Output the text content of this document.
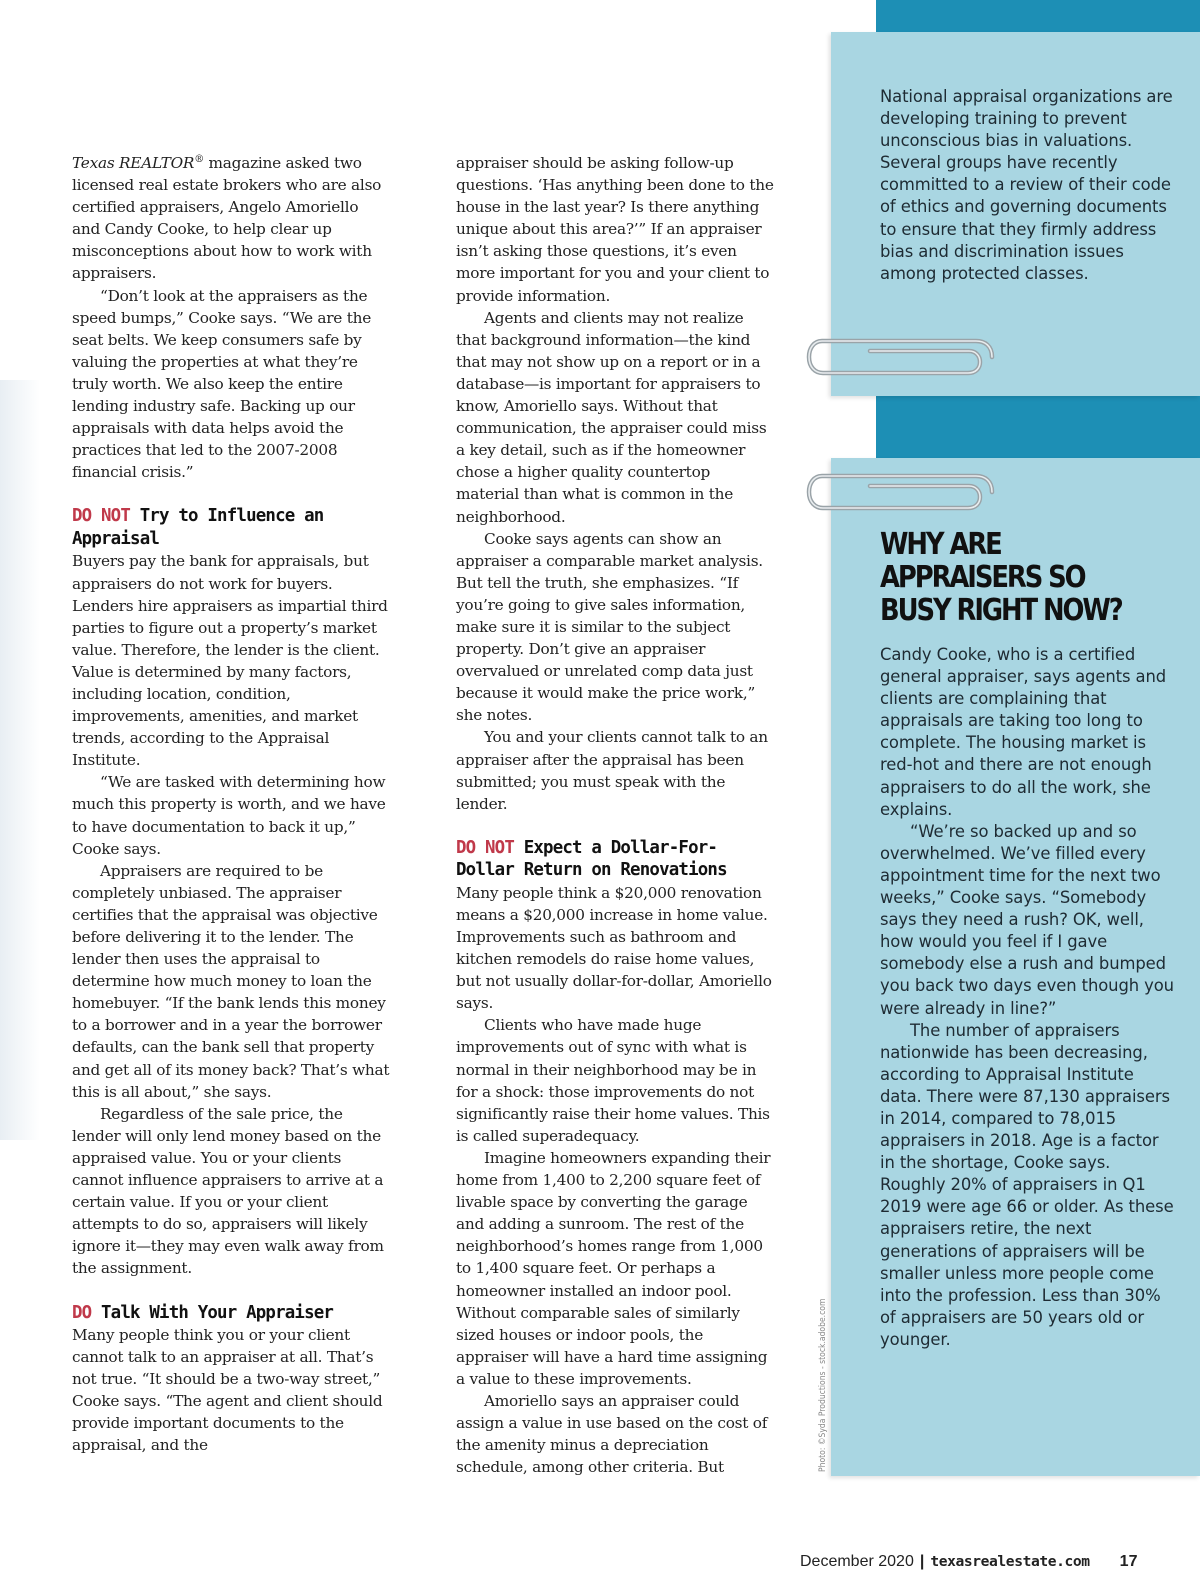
National appraisal organizations are developing training to prevent unconscious bias in valuations. Several groups have recently committed to a review of their code of ethics and governing documents to ensure that they firmly address bias and discrimination issues among protected classes.

WHY ARE APPRAISERS SO BUSY RIGHT NOW?

Candy Cooke, who is a certified general appraiser, says agents and clients are complaining that appraisals are taking too long to complete. The housing market is red-hot and there are not enough appraisers to do all the work, she explains.

“We’re so backed up and so overwhelmed. We’ve filled every appointment time for the next two weeks,” Cooke says. “Somebody says they need a rush? OK, well, how would you feel if I gave somebody else a rush and bumped you back two days even though you were already in line?”

The number of appraisers nationwide has been decreasing, according to Appraisal Institute data. There were 87,130 appraisers in 2014, compared to 78,015 appraisers in 2018. Age is a factor in the shortage, Cooke says. Roughly 20% of appraisers in Q1 2019 were age 66 or older. As these appraisers retire, the next generations of appraisers will be smaller unless more people come into the profession. Less than 30% of appraisers are 50 years old or younger.

Texas REALTOR® magazine asked two licensed real estate brokers who are also certified appraisers, Angelo Amoriello and Candy Cooke, to help clear up misconceptions about how to work with appraisers.

“Don’t look at the appraisers as the speed bumps,” Cooke says. “We are the seat belts. We keep consumers safe by valuing the properties at what they’re truly worth. We also keep the entire lending industry safe. Backing up our appraisals with data helps avoid the practices that led to the 2007-2008 financial crisis.”

DO NOT Try to Influence an Appraisal

Buyers pay the bank for appraisals, but appraisers do not work for buyers. Lenders hire appraisers as impartial third parties to figure out a property’s market value. Therefore, the lender is the client. Value is determined by many factors, including location, condition, improvements, amenities, and market trends, according to the Appraisal Institute.

“We are tasked with determining how much this property is worth, and we have to have documentation to back it up,” Cooke says.

Appraisers are required to be completely unbiased. The appraiser certifies that the appraisal was objective before delivering it to the lender. The lender then uses the appraisal to determine how much money to loan the homebuyer. “If the bank lends this money to a borrower and in a year the borrower defaults, can the bank sell that property and get all of its money back? That’s what this is all about,” she says.

Regardless of the sale price, the lender will only lend money based on the appraised value. You or your clients cannot influence appraisers to arrive at a certain value. If you or your client attempts to do so, appraisers will likely ignore it—they may even walk away from the assignment.

DO Talk With Your Appraiser

Many people think you or your client cannot talk to an appraiser at all. That’s not true. “It should be a two-way street,” Cooke says. “The agent and client should provide important documents to the appraisal, and the

appraiser should be asking follow-up questions. ‘Has anything been done to the house in the last year? Is there anything unique about this area?’” If an appraiser isn’t asking those questions, it’s even more important for you and your client to provide information.

Agents and clients may not realize that background information—the kind that may not show up on a report or in a database—is important for appraisers to know, Amoriello says. Without that communication, the appraiser could miss a key detail, such as if the homeowner chose a higher quality countertop material than what is common in the neighborhood.

Cooke says agents can show an appraiser a comparable market analysis. But tell the truth, she emphasizes. “If you’re going to give sales information, make sure it is similar to the subject property. Don’t give an appraiser overvalued or unrelated comp data just because it would make the price work,” she notes.

You and your clients cannot talk to an appraiser after the appraisal has been submitted; you must speak with the lender.

DO NOT Expect a Dollar-For-Dollar Return on Renovations

Many people think a $20,000 renovation means a $20,000 increase in home value. Improvements such as bathroom and kitchen remodels do raise home values, but not usually dollar-for-dollar, Amoriello says.

Clients who have made huge improvements out of sync with what is normal in their neighborhood may be in for a shock: those improvements do not significantly raise their home values. This is called superadequacy.

Imagine homeowners expanding their home from 1,400 to 2,200 square feet of livable space by converting the garage and adding a sunroom. The rest of the neighborhood’s homes range from 1,000 to 1,400 square feet. Or perhaps a homeowner installed an indoor pool. Without comparable sales of similarly sized houses or indoor pools, the appraiser will have a hard time assigning a value to these improvements.

Amoriello says an appraiser could assign a value in use based on the cost of the amenity minus a depreciation schedule, among other criteria. But	Photo: ©Syda Productions - stock.adobe.com
December 2020 | texasrealestate.com 17
